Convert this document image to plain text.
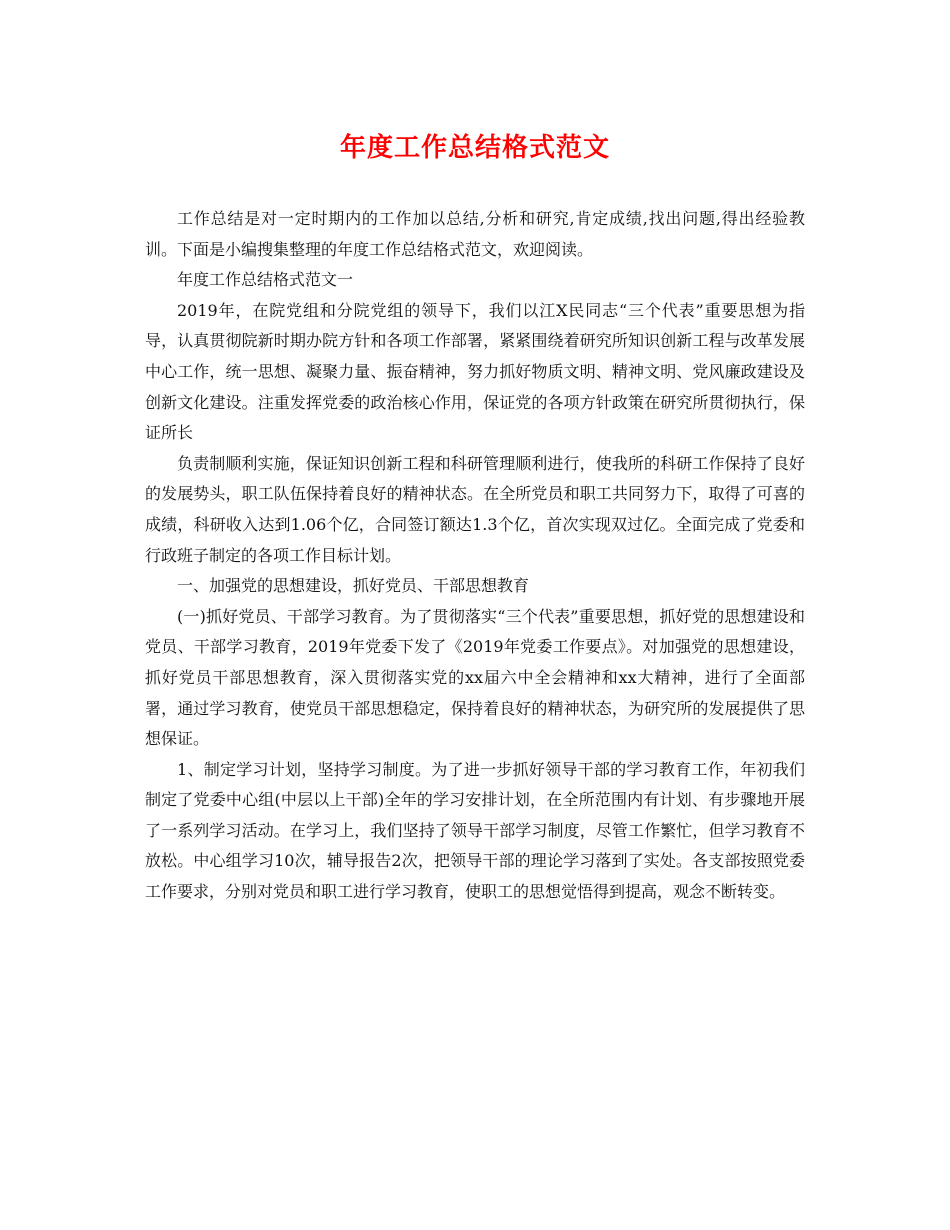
年度工作总结格式范文

工作总结是对一定时期内的工作加以总结,分析和研究,肯定成绩,找出问题,得出经验教训。下面是小编搜集整理的年度工作总结格式范文，欢迎阅读。

年度工作总结格式范文一

2019年，在院党组和分院党组的领导下，我们以江X民同志“三个代表”重要思想为指导，认真贯彻院新时期办院方针和各项工作部署，紧紧围绕着研究所知识创新工程与改革发展中心工作，统一思想、凝聚力量、振奋精神，努力抓好物质文明、精神文明、党风廉政建设及创新文化建设。注重发挥党委的政治核心作用，保证党的各项方针政策在研究所贯彻执行，保证所长

负责制顺利实施，保证知识创新工程和科研管理顺利进行，使我所的科研工作保持了良好的发展势头，职工队伍保持着良好的精神状态。在全所党员和职工共同努力下，取得了可喜的成绩，科研收入达到1.06个亿，合同签订额达1.3个亿，首次实现双过亿。全面完成了党委和行政班子制定的各项工作目标计划。

一、加强党的思想建设，抓好党员、干部思想教育

(一)抓好党员、干部学习教育。为了贯彻落实“三个代表”重要思想，抓好党的思想建设和党员、干部学习教育，2019年党委下发了《2019年党委工作要点》。对加强党的思想建设，抓好党员干部思想教育，深入贯彻落实党的xx届六中全会精神和xx大精神，进行了全面部署，通过学习教育，使党员干部思想稳定，保持着良好的精神状态，为研究所的发展提供了思想保证。

1、制定学习计划，坚持学习制度。为了进一步抓好领导干部的学习教育工作，年初我们制定了党委中心组(中层以上干部)全年的学习安排计划，在全所范围内有计划、有步骤地开展了一系列学习活动。在学习上，我们坚持了领导干部学习制度，尽管工作繁忙，但学习教育不放松。中心组学习10次，辅导报告2次，把领导干部的理论学习落到了实处。各支部按照党委工作要求，分别对党员和职工进行学习教育，使职工的思想觉悟得到提高，观念不断转变。
